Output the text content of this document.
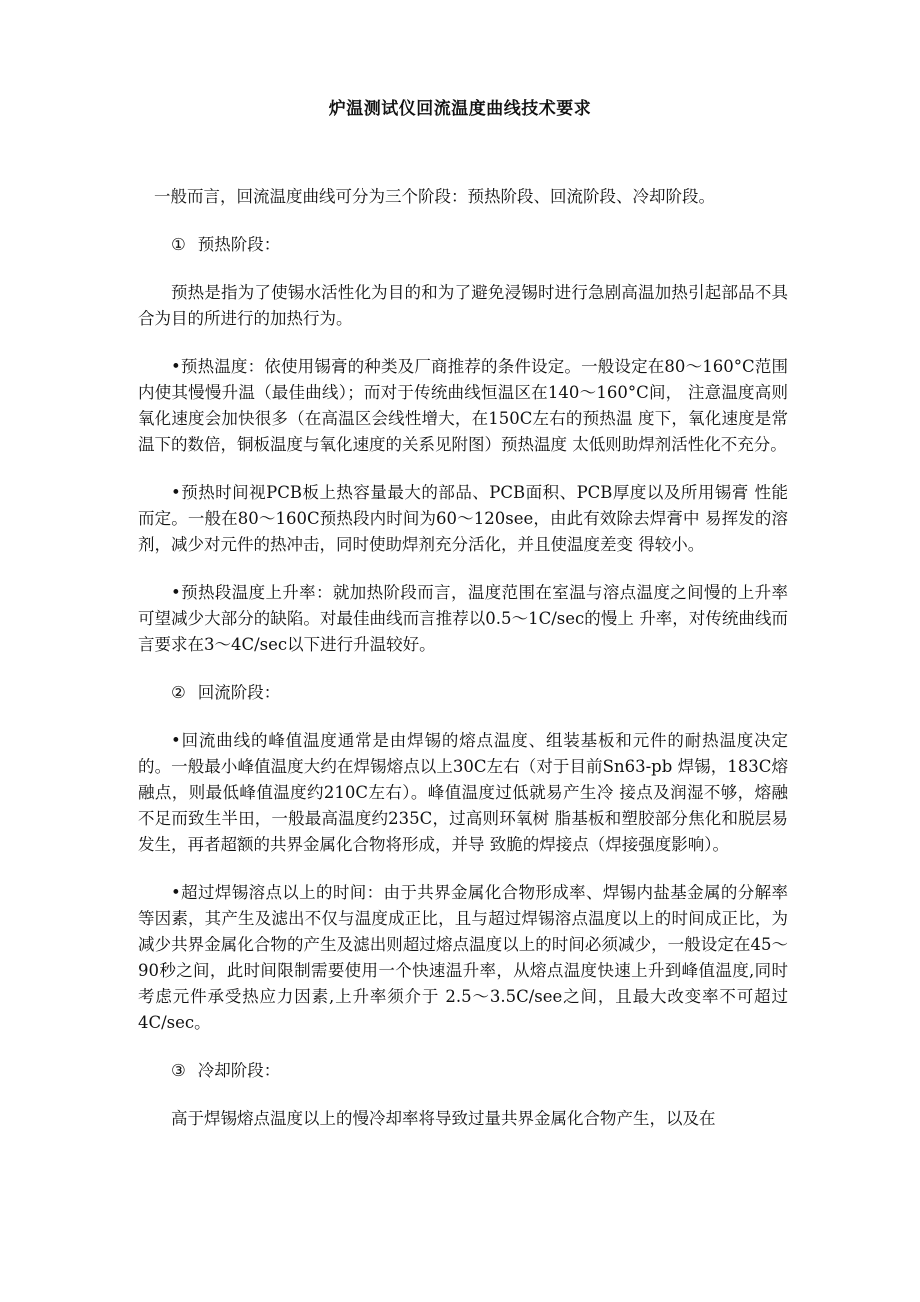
炉温测试仪回流温度曲线技术要求

一般而言，回流温度曲线可分为三个阶段：预热阶段、回流阶段、冷却阶段。

① 预热阶段：

预热是指为了使锡水活性化为目的和为了避免浸锡时进行急剧高温加热引起部品不具合为目的所进行的加热行为。

•预热温度：依使用锡膏的种类及厂商推荐的条件设定。一般设定在80～160°C范围内使其慢慢升温（最佳曲线）；而对于传统曲线恒温区在140～160°C间， 注意温度高则氧化速度会加快很多（在高温区会线性增大，在150C左右的预热温 度下，氧化速度是常温下的数倍，铜板温度与氧化速度的关系见附图）预热温度 太低则助焊剂活性化不充分。

•预热时间视PCB板上热容量最大的部品、PCB面积、PCB厚度以及所用锡膏 性能而定。一般在80～160C预热段内时间为60～120see，由此有效除去焊膏中 易挥发的溶剂，减少对元件的热冲击，同时使助焊剂充分活化，并且使温度差变 得较小。

•预热段温度上升率：就加热阶段而言，温度范围在室温与溶点温度之间慢的上升率可望减少大部分的缺陷。对最佳曲线而言推荐以0.5～1C/sec的慢上 升率，对传统曲线而言要求在3～4C/sec以下进行升温较好。

② 回流阶段：

•回流曲线的峰值温度通常是由焊锡的熔点温度、组装基板和元件的耐热温度决定的。一般最小峰值温度大约在焊锡熔点以上30C左右（对于目前Sn63-pb 焊锡，183C熔融点，则最低峰值温度约210C左右）。峰值温度过低就易产生冷 接点及润湿不够，熔融不足而致生半田，一般最高温度约235C，过高则环氧树 脂基板和塑胶部分焦化和脱层易发生，再者超额的共界金属化合物将形成，并导 致脆的焊接点（焊接强度影响）。

•超过焊锡溶点以上的时间：由于共界金属化合物形成率、焊锡内盐基金属的分解率等因素，其产生及滤出不仅与温度成正比，且与超过焊锡溶点温度以上的时间成正比，为减少共界金属化合物的产生及滤出则超过熔点温度以上的时间必须减少，一般设定在45～90秒之间，此时间限制需要使用一个快速温升率，从熔点温度快速上升到峰值温度,同时考虑元件承受热应力因素,上升率须介于 2.5～3.5C/see之间，且最大改变率不可超过4C/sec。

③ 冷却阶段：

高于焊锡熔点温度以上的慢冷却率将导致过量共界金属化合物产生，以及在
